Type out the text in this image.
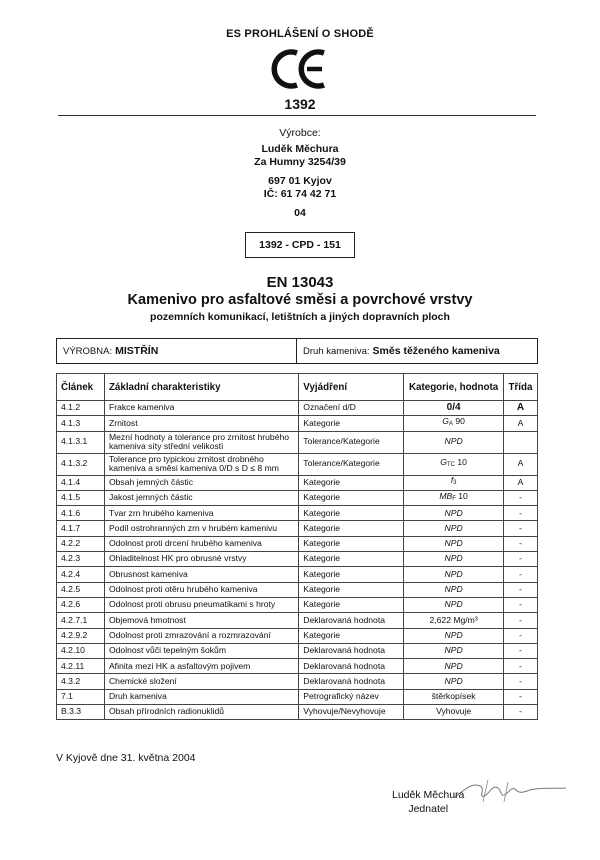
ES PROHLÁŠENÍ O SHODĚ
1392
Výrobce:
Luděk Měchura
Za Humny 3254/39
697 01 Kyjov
IČ: 61 74 42 71
04
1392 - CPD - 151
EN 13043
Kamenivo pro asfaltové směsi a povrchové vrstvy
pozemních komunikací, letištních a jiných dopravních ploch
VÝROBNA: MISTŘÍN	Druh kameniva: Směs těženého kameniva
Článek	Základní charakteristiky	Vyjádření	Kategorie, hodnota	Třída
4.1.2	Frakce kameniva	Označení d/D	0/4	A
4.1.3	Zrnitost	Kategorie	$G_A$ 90	A
4.1.3.1	Mezní hodnoty a tolerance pro zrnitost hrubého kameniva síty střední velikosti	Tolerance/Kategorie	NPD	
4.1.3.2	Tolerance pro typickou zrnitost drobného kameniva a směsi kameniva 0/D s D ≤ 8 mm	Tolerance/Kategorie	$G_{TC}$ 10	A
4.1.4	Obsah jemných částic	Kategorie	$f_3$	A
4.1.5	Jakost jemných částic	Kategorie	$MB_F$ 10	-
4.1.6	Tvar zrn hrubého kameniva	Kategorie	NPD	-
4.1.7	Podíl ostrohranných zrn v hrubém kamenivu	Kategorie	NPD	-
4.2.2	Odolnost proti drcení hrubého kameniva	Kategorie	NPD	-
4.2.3	Ohladitelnost HK pro obrusné vrstvy	Kategorie	NPD	-
4.2.4	Obrusnost kameniva	Kategorie	NPD	-
4.2.5	Odolnost proti otěru hrubého kameniva	Kategorie	NPD	-
4.2.6	Odolnost proti obrusu pneumatikami s hroty	Kategorie	NPD	-
4.2.7.1	Objemová hmotnost	Deklarovaná hodnota	2,622 Mg/m³	-
4.2.9.2	Odolnost proti zmrazování a rozmrazování	Kategorie	NPD	-
4.2.10	Odolnost vůči tepelným šokům	Deklarovaná hodnota	NPD	-
4.2.11	Afinita mezi HK a asfaltovým pojivem	Deklarovaná hodnota	NPD	-
4.3.2	Chemické složení	Deklarovaná hodnota	NPD	-
7.1	Druh kameniva	Petrografický název	štěrkopísek	-
B.3.3	Obsah přírodních radionuklidů	Vyhovuje/Nevyhovuje	Vyhovuje	-
V Kyjově dne 31. května 2004
Luděk Měchura
Jednatel
